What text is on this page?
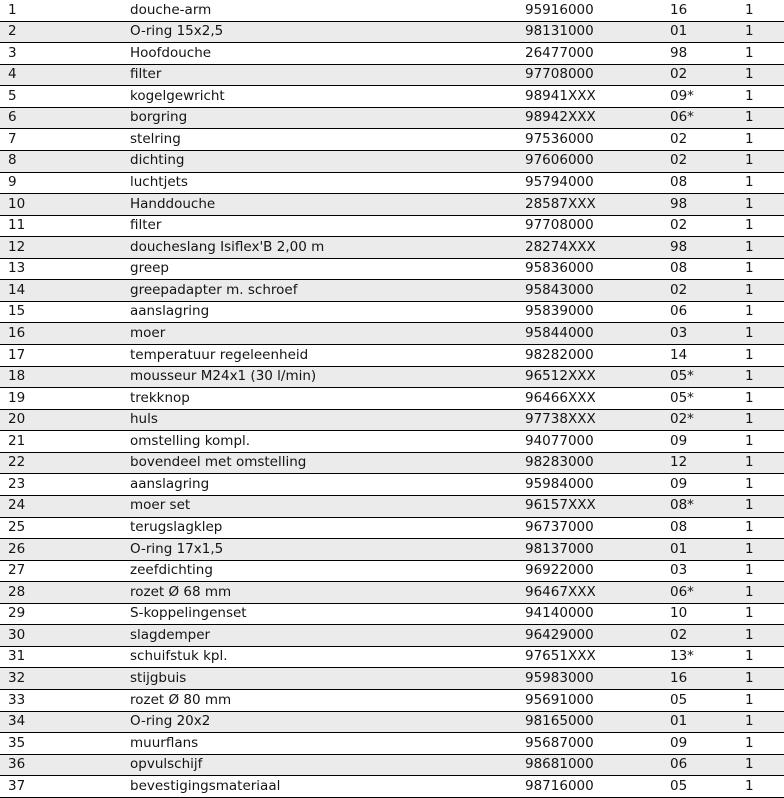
1	douche-arm	95916000	16	1
2	O-ring 15x2,5	98131000	01	1
3	Hoofdouche	26477000	98	1
4	filter	97708000	02	1
5	kogelgewricht	98941XXX	09*	1
6	borgring	98942XXX	06*	1
7	stelring	97536000	02	1
8	dichting	97606000	02	1
9	luchtjets	95794000	08	1
10	Handdouche	28587XXX	98	1
11	filter	97708000	02	1
12	doucheslang Isiflex'B 2,00 m	28274XXX	98	1
13	greep	95836000	08	1
14	greepadapter m. schroef	95843000	02	1
15	aanslagring	95839000	06	1
16	moer	95844000	03	1
17	temperatuur regeleenheid	98282000	14	1
18	mousseur M24x1 (30 l/min)	96512XXX	05*	1
19	trekknop	96466XXX	05*	1
20	huls	97738XXX	02*	1
21	omstelling kompl.	94077000	09	1
22	bovendeel met omstelling	98283000	12	1
23	aanslagring	95984000	09	1
24	moer set	96157XXX	08*	1
25	terugslagklep	96737000	08	1
26	O-ring 17x1,5	98137000	01	1
27	zeefdichting	96922000	03	1
28	rozet Ø 68 mm	96467XXX	06*	1
29	S-koppelingenset	94140000	10	1
30	slagdemper	96429000	02	1
31	schuifstuk kpl.	97651XXX	13*	1
32	stijgbuis	95983000	16	1
33	rozet Ø 80 mm	95691000	05	1
34	O-ring 20x2	98165000	01	1
35	muurflans	95687000	09	1
36	opvulschijf	98681000	06	1
37	bevestigingsmateriaal	98716000	05	1
